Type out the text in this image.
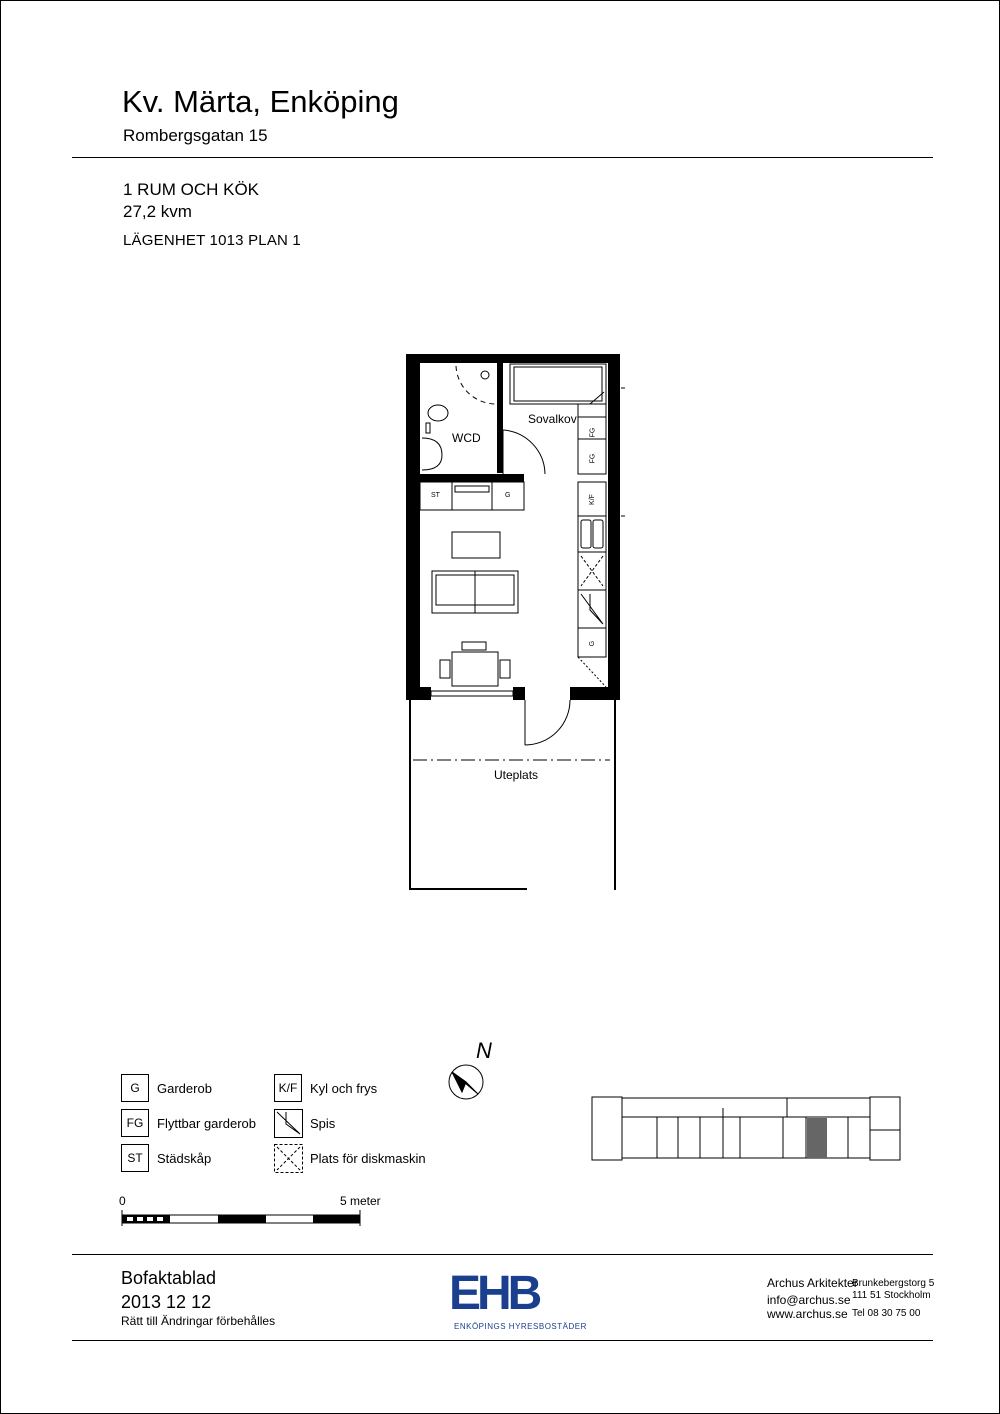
Kv. Märta, Enköping
Rombergsgatan 15
1 RUM OCH KÖK
27,2 kvm
LÄGENHET 1013 PLAN 1
WCD
Sovalkov
Uteplats
ST	G
FG
FG
K/F
G
N
G	Garderob
FG	Flyttbar garderob
ST	Städskåp
K/F Kyl och frys
Spis
Plats för diskmaskin
0	5 meter
Bofaktablad
2013 12 12
Rätt till Ändringar förbehålles
EHB
ENKÖPINGS HYRESBOSTÄDER
Archus Arkitekter
info@archus.se
www.archus.se
Brunkebergstorg 5
111 51 Stockholm
Tel 08 30 75 00
